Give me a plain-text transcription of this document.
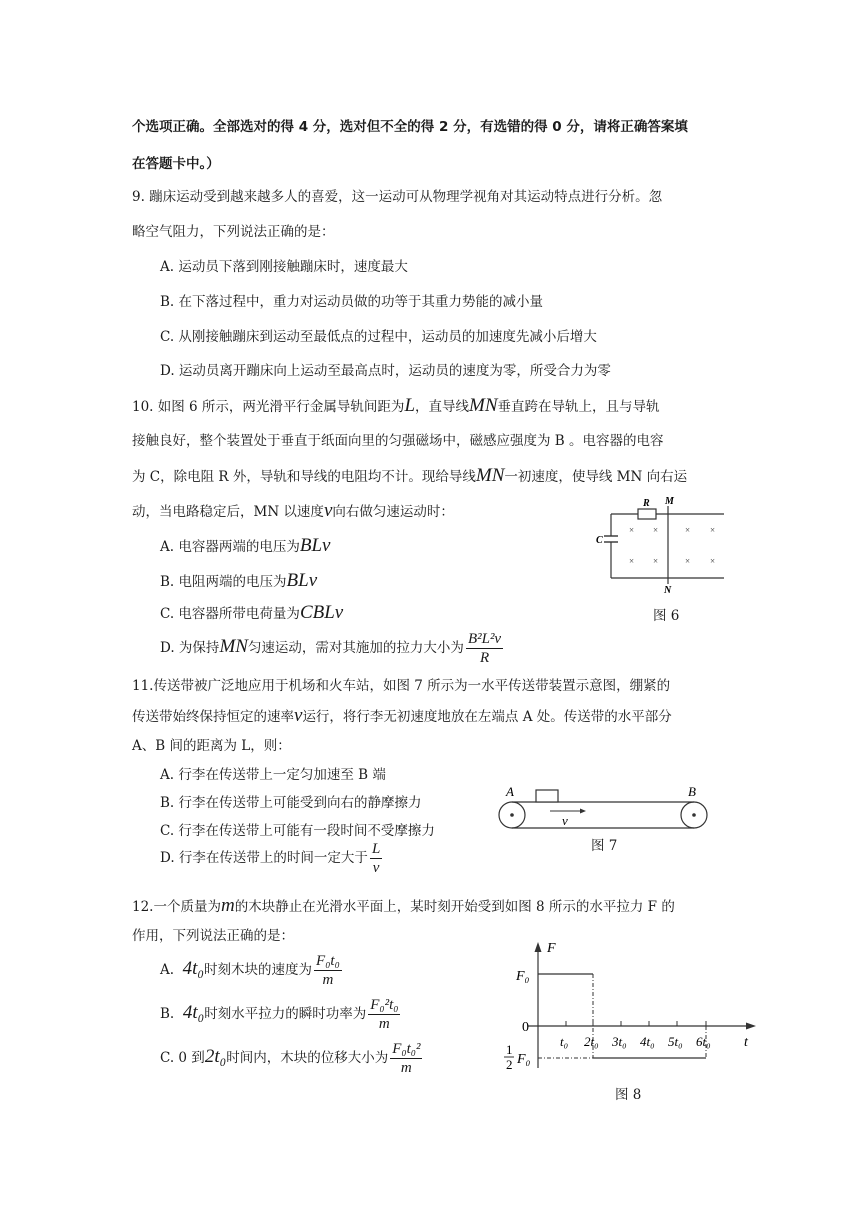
个选项正确。全部选对的得 4 分，选对但不全的得 2 分，有选错的得 0 分，请将正确答案填
在答题卡中。）
9. 蹦床运动受到越来越多人的喜爱，这一运动可从物理学视角对其运动特点进行分析。忽
略空气阻力，下列说法正确的是：
A. 运动员下落到刚接触蹦床时，速度最大
B. 在下落过程中，重力对运动员做的功等于其重力势能的减小量
C. 从刚接触蹦床到运动至最低点的过程中，运动员的加速度先减小后增大
D. 运动员离开蹦床向上运动至最高点时，运动员的速度为零，所受合力为零
10. 如图 6 所示，两光滑平行金属导轨间距为L，直导线MN垂直跨在导轨上，且与导轨
接触良好，整个装置处于垂直于纸面向里的匀强磁场中，磁感应强度为 B 。电容器的电容
为 C，除电阻 R 外，导轨和导线的电阻均不计。现给导线MN一初速度，使导线 MN 向右运
动，当电路稳定后，MN 以速度v向右做匀速运动时：
A. 电容器两端的电压为BLv
B. 电阻两端的电压为BLv
C. 电容器所带电荷量为CBLv
D. 为保持MN匀速运动，需对其施加的拉力大小为 $\frac{\text{B²L²v}}{R}$
R M
N
C
× ×	× ×
× ×	× ×
图 6
11.传送带被广泛地应用于机场和火车站，如图 7 所示为一水平传送带装置示意图，绷紧的
传送带始终保持恒定的速率v运行，将行李无初速度地放在左端点 A 处。传送带的水平部分
A、B 间的距离为 L，则：
A. 行李在传送带上一定匀加速至 B 端
B. 行李在传送带上可能受到向右的静摩擦力
C. 行李在传送带上可能有一段时间不受摩擦力
D. 行李在传送带上的时间一定大于 $\frac{L}{v}$
v
A	B
图 7
12.一个质量为m的木块静止在光滑水平面上，某时刻开始受到如图 8 所示的水平拉力 F 的
作用，下列说法正确的是：
A. 4t₀时刻木块的速度为 $\frac{\text{F₀t₀}}{m}$
B. 4t₀时刻水平拉力的瞬时功率为 $\frac{\text{F₀²t₀}}{m}$
C. 0 到2t₀时间内，木块的位移大小为 $\frac{\text{F₀t₀²}}{m}$
F
F₀
0
t
t₀ 2t₀ 3t₀ 4t₀ 5t₀ 6t₀
1
2 F₀
图 8
